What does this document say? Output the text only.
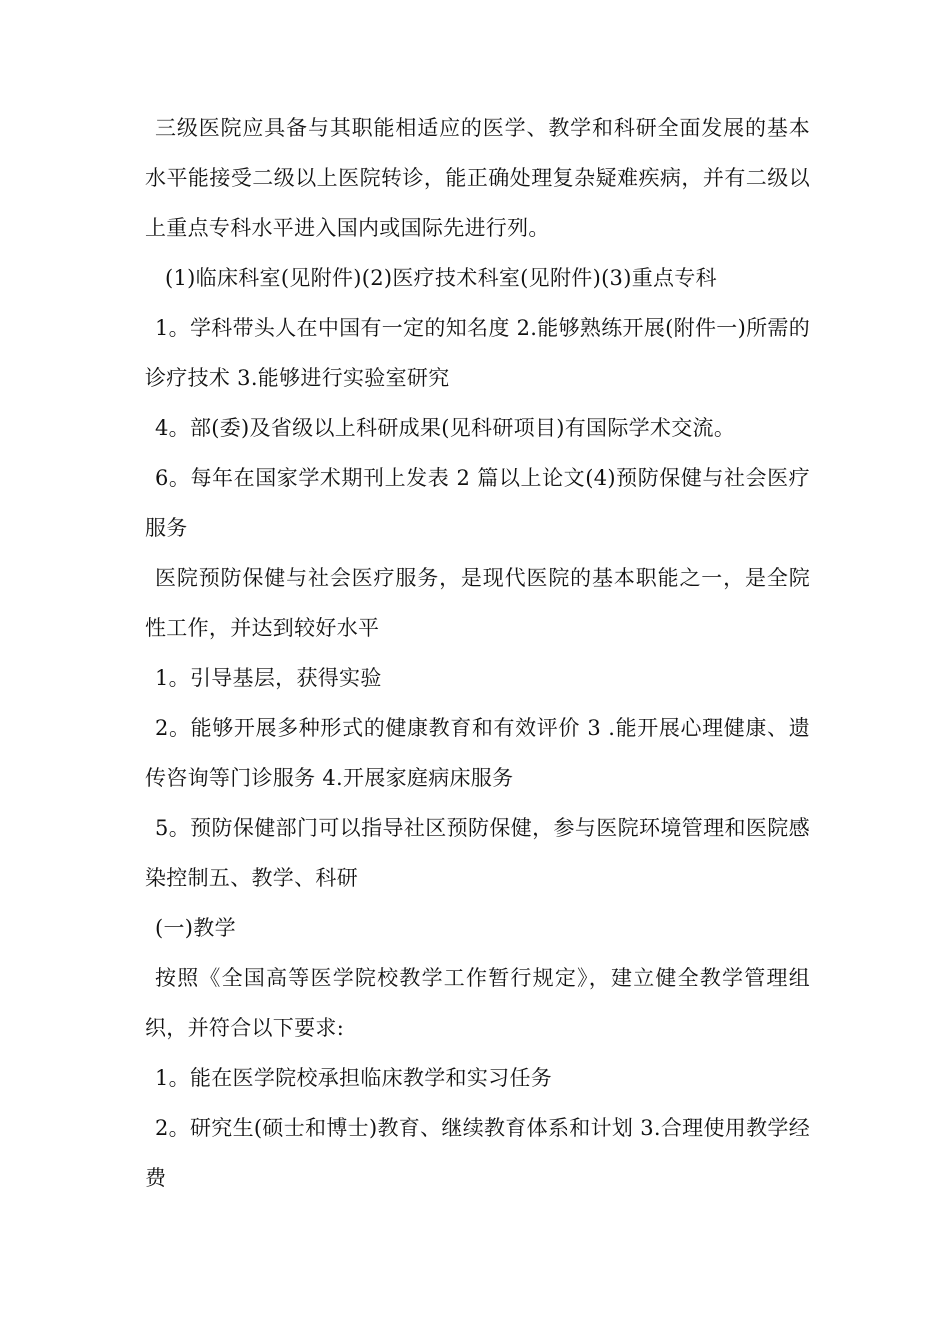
三级医院应具备与其职能相适应的医学、教学和科研全面发展的基本水平能接受二级以上医院转诊，能正确处理复杂疑难疾病，并有二级以上重点专科水平进入国内或国际先进行列。

(1)临床科室(见附件)(2)医疗技术科室(见附件)(3)重点专科

1。学科带头人在中国有一定的知名度 2.能够熟练开展(附件一)所需的诊疗技术 3.能够进行实验室研究

4。部(委)及省级以上科研成果(见科研项目)有国际学术交流。

6。每年在国家学术期刊上发表 2 篇以上论文(4)预防保健与社会医疗服务

医院预防保健与社会医疗服务，是现代医院的基本职能之一，是全院性工作，并达到较好水平

1。引导基层，获得实验

2。能够开展多种形式的健康教育和有效评价 3 .能开展心理健康、遗传咨询等门诊服务 4.开展家庭病床服务

5。预防保健部门可以指导社区预防保健，参与医院环境管理和医院感染控制五、教学、科研

(一)教学

按照《全国高等医学院校教学工作暂行规定》，建立健全教学管理组织，并符合以下要求:

1。能在医学院校承担临床教学和实习任务

2。研究生(硕士和博士)教育、继续教育体系和计划 3.合理使用教学经费
